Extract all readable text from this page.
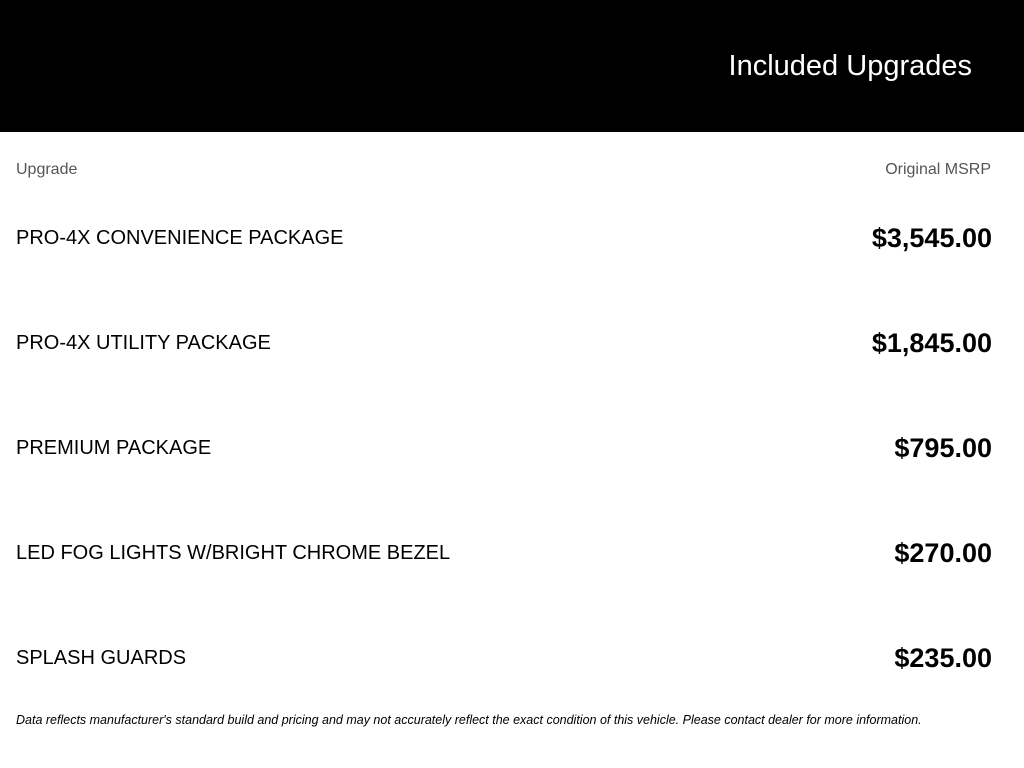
Included Upgrades
Upgrade	Original MSRP
PRO-4X CONVENIENCE PACKAGE	$3,545.00
PRO-4X UTILITY PACKAGE	$1,845.00
PREMIUM PACKAGE	$795.00
LED FOG LIGHTS W/BRIGHT CHROME BEZEL	$270.00
SPLASH GUARDS	$235.00
Data reflects manufacturer's standard build and pricing and may not accurately reflect the exact condition of this vehicle. Please contact dealer for more information.
